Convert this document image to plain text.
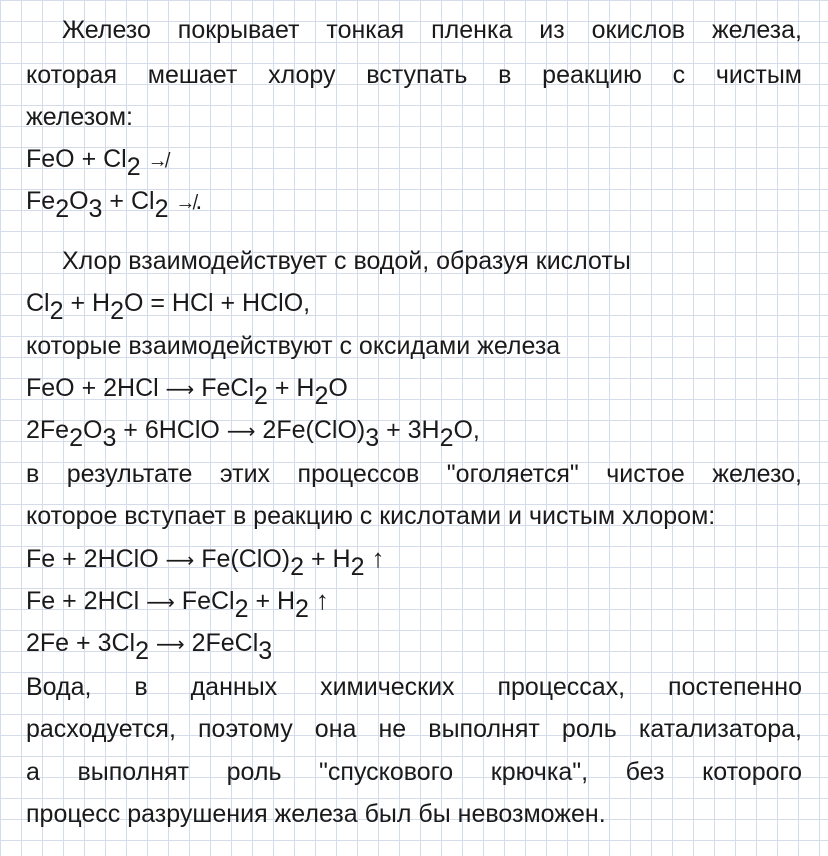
Железо покрывает тонкая пленка из окислов железа,
которая мешает хлору вступать в реакцию с чистым
железом:
FeO + $Cl_2$ ↛
$Fe_2O_3 + Cl_2$ ↛.
Хлор взаимодействует с водой, образуя кислоты
$Cl_2 + H_2O$ = HCl + HClO,
которые взаимодействуют с оксидами железа
FeO + 2HCl ⟶ FeCl$_2$ + $H_2O$
$2Fe_2O_3$ + 6HClO ⟶ $2Fe(ClO)_3 + 3H_2O$,
в результате этих процессов "оголяется" чистое железо,
которое вступает в реакцию с кислотами и чистым хлором:
Fe + 2HClO ⟶ $Fe(ClO)_2 + H_2$ ↑
Fe + 2HCl ⟶ FeCl$_2$ + $H_2$ ↑
$2Fe + 3Cl_2$ ⟶ 2FeCl$_3$
Вода, в данных химических процессах, постепенно
расходуется, поэтому она не выполнят роль катализатора,
а выполнят роль "спускового крючка", без которого
процесс разрушения железа был бы невозможен.
